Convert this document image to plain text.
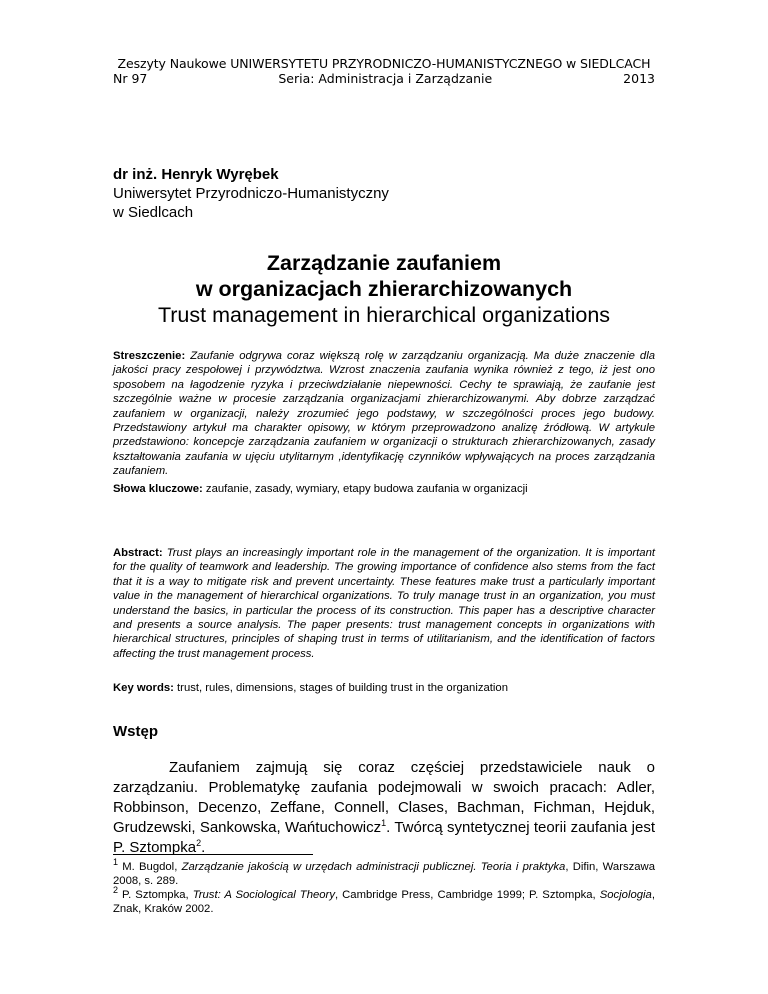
Zeszyty Naukowe UNIWERSYTETU PRZYRODNICZO-HUMANISTYCZNEGO w SIEDLCACH
Nr 97	Seria: Administracja i Zarządzanie	2013
dr inż. Henryk Wyrębek
Uniwersytet Przyrodniczo-Humanistyczny
w Siedlcach
Zarządzanie zaufaniem
w organizacjach zhierarchizowanych
Trust management in hierarchical organizations
Streszczenie: Zaufanie odgrywa coraz większą rolę w zarządzaniu organizacją. Ma duże znaczenie dla jakości pracy zespołowej i przywództwa. Wzrost znaczenia zaufania wynika również z tego, iż jest ono sposobem na łagodzenie ryzyka i przeciwdziałanie niepewności. Cechy te sprawiają, że zaufanie jest szczególnie ważne w procesie zarządzania organizacjami zhierarchizowanymi. Aby dobrze zarządzać zaufaniem w organizacji, należy zrozumieć jego podstawy, w szczególności proces jego budowy. Przedstawiony artykuł ma charakter opisowy, w którym przeprowadzono analizę źródłową. W artykule przedstawiono: koncepcje zarządzania zaufaniem w organizacji o strukturach zhierarchizowanych, zasady kształtowania zaufania w ujęciu utylitarnym ,identyfikację czynników wpływających na proces zarządzania zaufaniem.
Słowa kluczowe: zaufanie, zasady, wymiary, etapy budowa zaufania w organizacji
Abstract: Trust plays an increasingly important role in the management of the organization. It is important for the quality of teamwork and leadership. The growing importance of confidence also stems from the fact that it is a way to mitigate risk and prevent uncertainty. These features make trust a particularly important value in the management of hierarchical organizations. To truly manage trust in an organization, you must understand the basics, in particular the process of its construction. This paper has a descriptive character and presents a source analysis. The paper presents: trust management concepts in organizations with hierarchical structures, principles of shaping trust in terms of utilitarianism, and the identification of factors affecting the trust management process.
Key words: trust, rules, dimensions, stages of building trust in the organization
Wstęp
Zaufaniem zajmują się coraz częściej przedstawiciele nauk o zarządzaniu. Problematykę zaufania podejmowali w swoich pracach: Adler, Robbinson, Decenzo, Zeffane, Connell, Clases, Bachman, Fichman, Hejduk, Grudzewski, Sankowska, Wańtuchowicz$^1$. Twórcą syntetycznej teorii zaufania jest P. Sztompka$^2$.

$^1$ M. Bugdol, Zarządzanie jakością w urzędach administracji publicznej. Teoria i praktyka, Difin, Warszawa 2008, s. 289.

$^2$ P. Sztompka, Trust: A Sociological Theory, Cambridge Press, Cambridge 1999; P. Sztompka, Socjologia, Znak, Kraków 2002.
